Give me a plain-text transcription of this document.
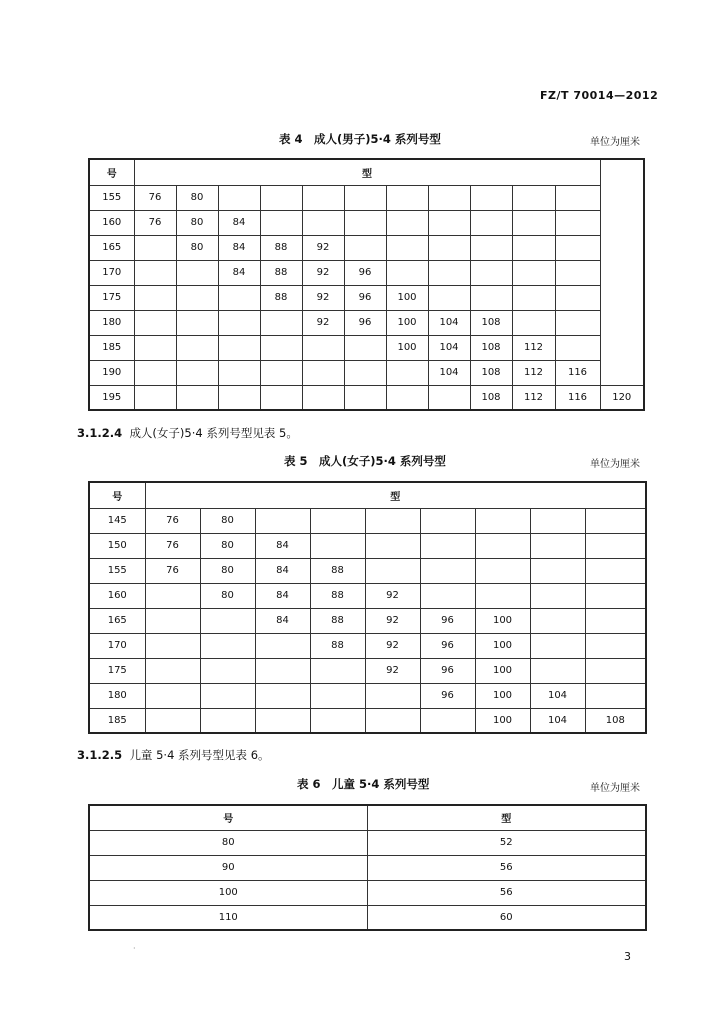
FZ/T 70014—2012
表 4　成人(男子)5·4 系列号型	单位为厘米
号	型											
155	76	80										
160	76	80	84									
165		80	84	88	92							
170			84	88	92	96						
175				88	92	96	100					
180					92	96	100	104	108			
185							100	104	108	112		
190								104	108	112	116	
195									108	112	116	120
3.1.2.4 成人(女子)5·4 系列号型见表 5。
表 5　成人(女子)5·4 系列号型	单位为厘米
号	型								
145	76	80							
150	76	80	84						
155	76	80	84	88					
160		80	84	88	92				
165			84	88	92	96	100		
170				88	92	96	100		
175					92	96	100		
180						96	100	104	
185							100	104	108
3.1.2.5 儿童 5·4 系列号型见表 6。
表 6　儿童 5·4 系列号型	单位为厘米
号	型
80	52
90	56
100	56
110	60
·
3
